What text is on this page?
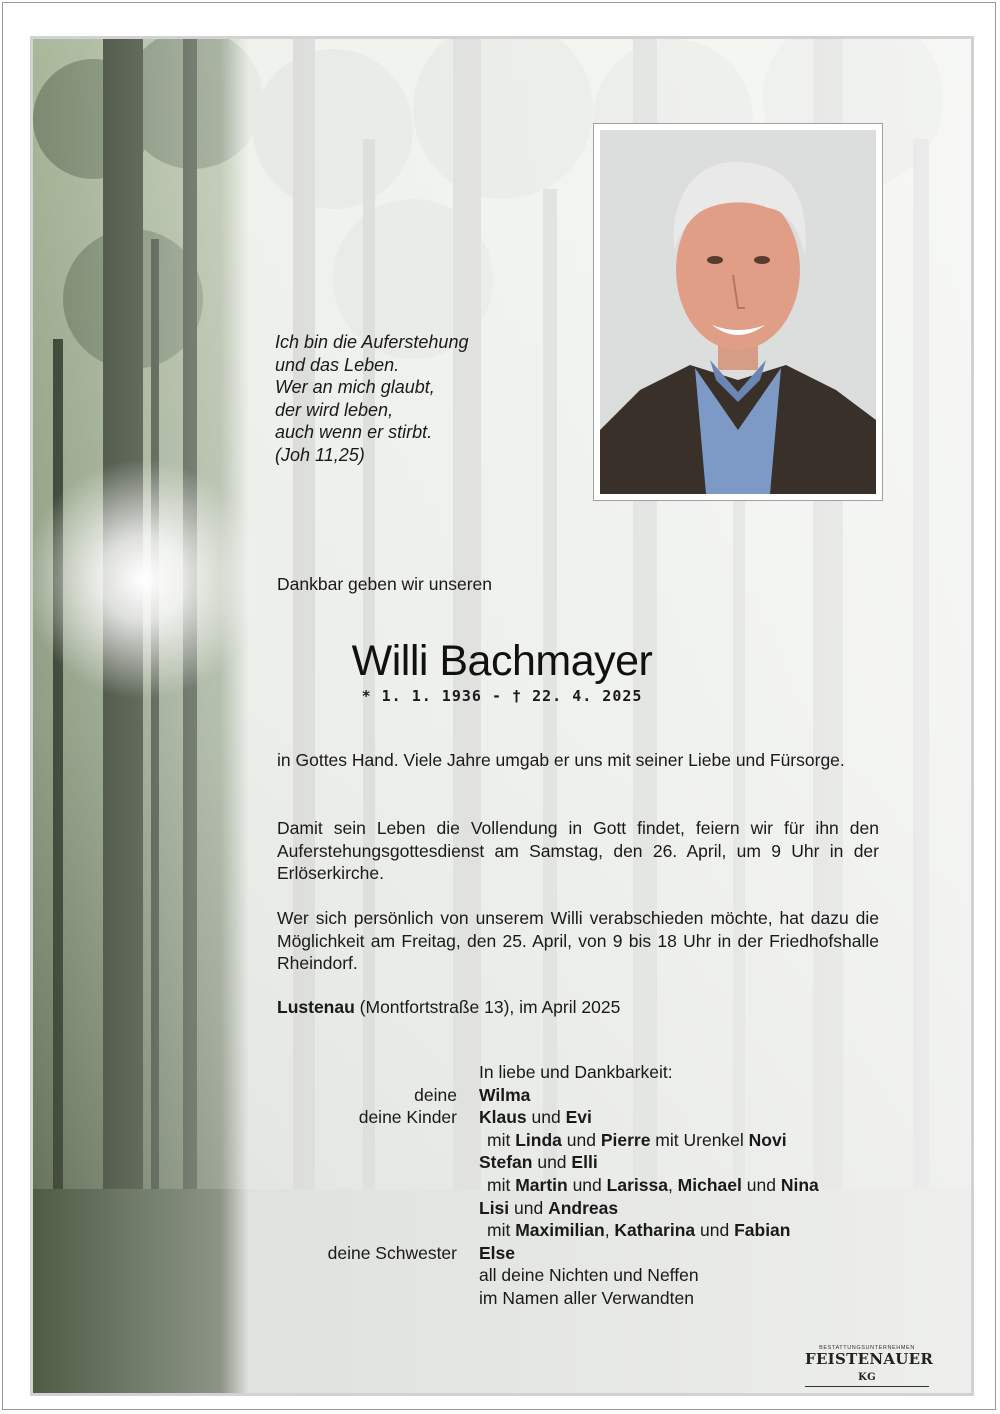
Ich bin die Auferstehung
und das Leben.
Wer an mich glaubt,
der wird leben,
auch wenn er stirbt.
(Joh 11,25)
Dankbar geben wir unseren
Willi Bachmayer
* 1. 1. 1936 - † 22. 4. 2025
in Gottes Hand. Viele Jahre umgab er uns mit seiner Liebe und Fürsorge.
Damit sein Leben die Vollendung in Gott findet, feiern wir für ihn den Auferstehungsgottesdienst am Samstag, den 26. April, um 9 Uhr in der Erlöserkirche.
Wer sich persönlich von unserem Willi verabschieden möchte, hat dazu die Möglichkeit am Freitag, den 25. April, von 9 bis 18 Uhr in der Friedhofshalle Rheindorf.
Lustenau (Montfortstraße 13), im April 2025
In liebe und Dankbarkeit:
deine Wilma
deine Kinder Klaus und Evi
mit Linda und Pierre mit Urenkel Novi
Stefan und Elli
mit Martin und Larissa, Michael und Nina
Lisi und Andreas
mit Maximilian, Katharina und Fabian
deine Schwester Else
all deine Nichten und Neffen
im Namen aller Verwandten
BESTATTUNGSUNTERNEHMEN
FEISTENAUER KG
